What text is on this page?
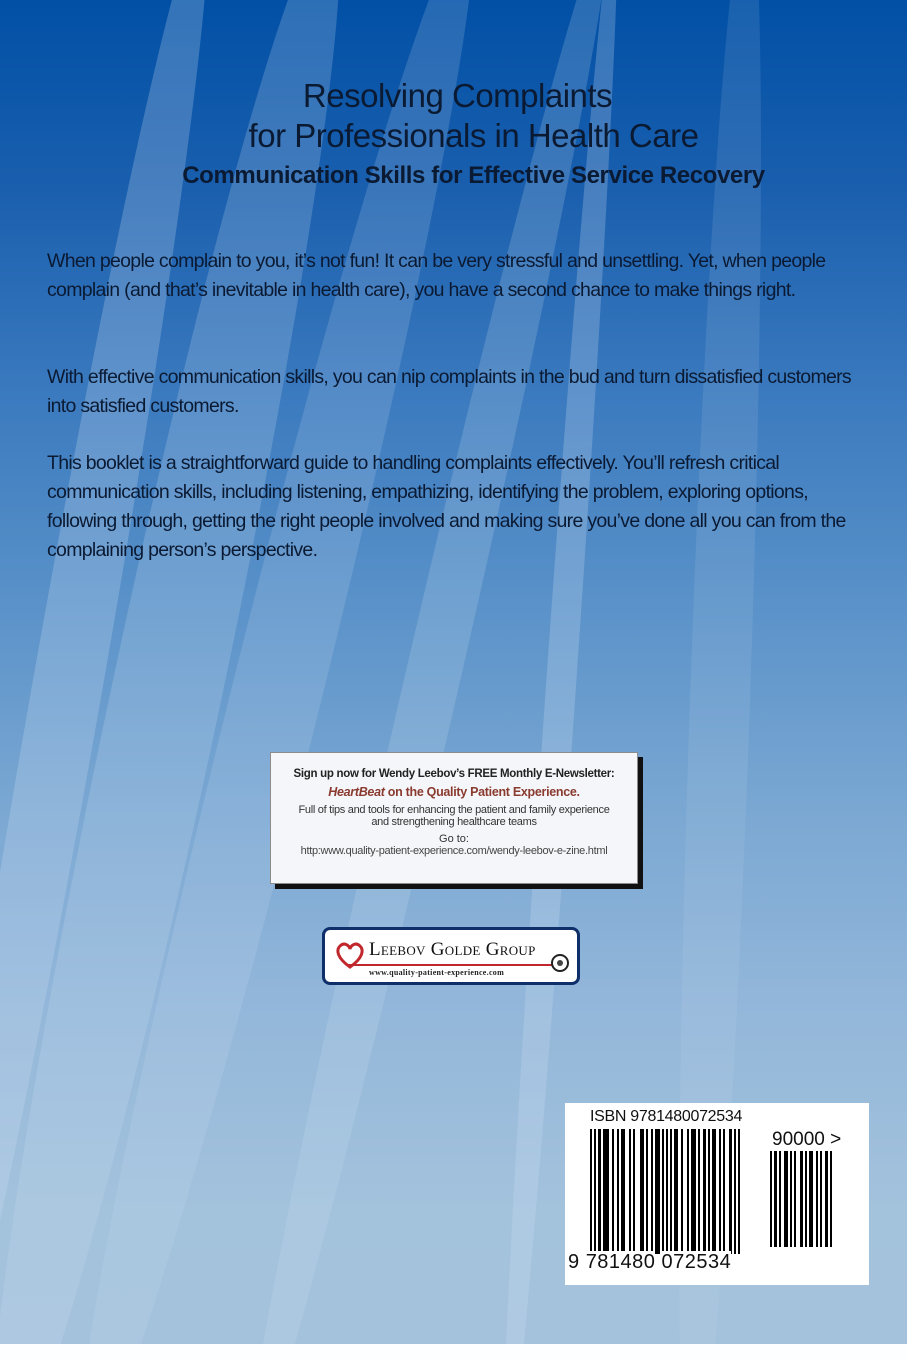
Resolving Complaints
for Professionals in Health Care
Communication Skills for Effective Service Recovery
When people complain to you, it’s not fun! It can be very stressful and unsettling. Yet, when people complain (and that’s inevitable in health care), you have a second chance to make things right.
With effective communication skills, you can nip complaints in the bud and turn dissatisfied customers into satisfied customers.
This booklet is a straightforward guide to handling complaints effectively. You’ll refresh critical communication skills, including listening, empathizing, identifying the problem, exploring options, following through, getting the right people involved and making sure you’ve done all you can from the complaining person’s perspective.
Sign up now for Wendy Leebov’s FREE Monthly E-Newsletter:
HeartBeat on the Quality Patient Experience.
Full of tips and tools for enhancing the patient and family experience
and strengthening healthcare teams
Go to:
http:www.quality-patient-experience.com/wendy-leebov-e-zine.html
Leebov Golde Group
www.quality-patient-experience.com
ISBN 9781480072534
90000 >
9 781480 072534
